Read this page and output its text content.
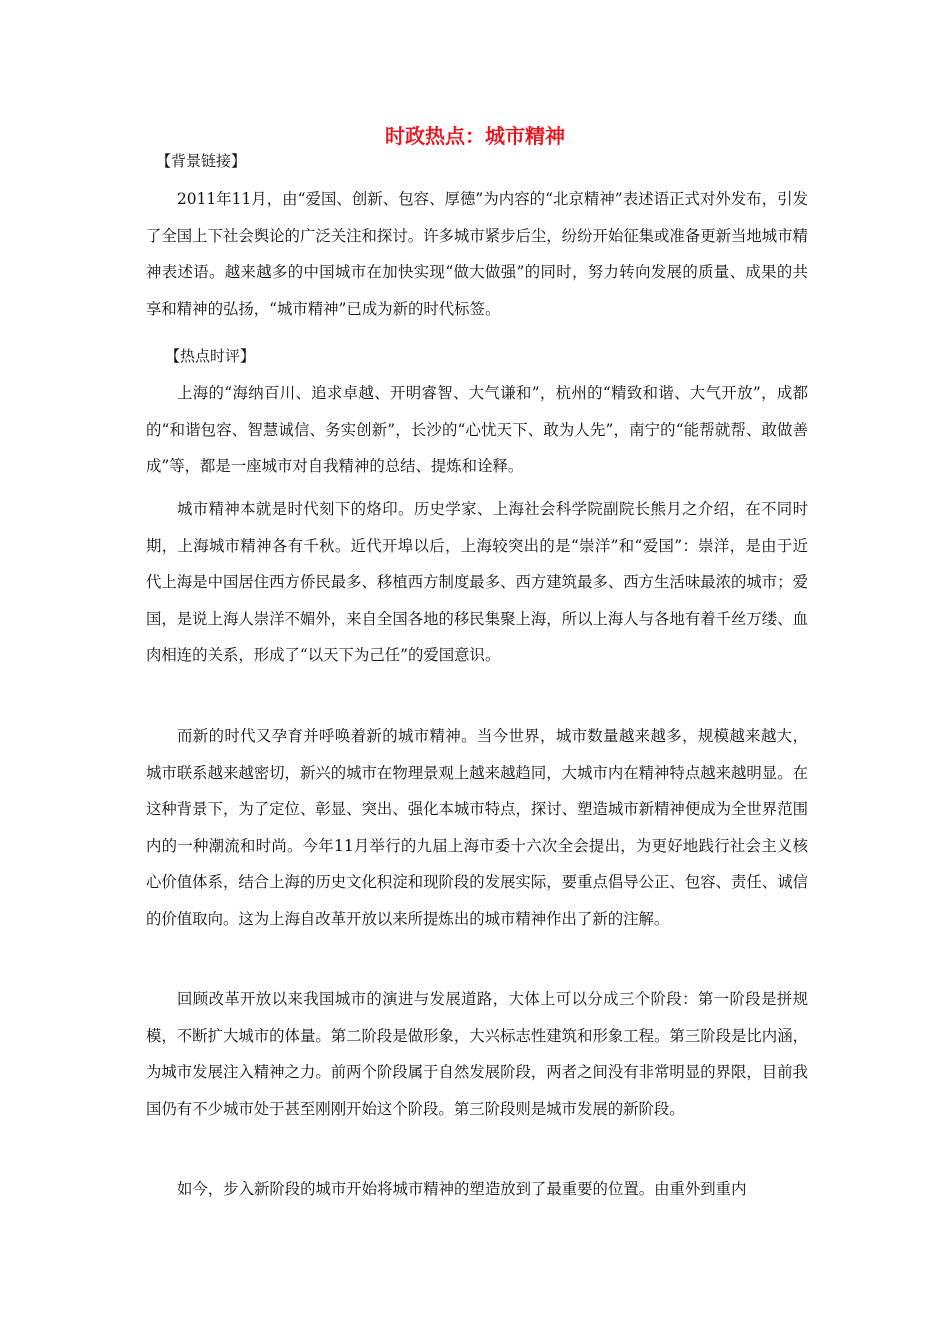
时政热点：城市精神
【背景链接】

2011年11月，由“爱国、创新、包容、厚德”为内容的“北京精神”表述语正式对外发布，引发了全国上下社会舆论的广泛关注和探讨。许多城市紧步后尘，纷纷开始征集或准备更新当地城市精神表述语。越来越多的中国城市在加快实现“做大做强”的同时，努力转向发展的质量、成果的共享和精神的弘扬，“城市精神”已成为新的时代标签。

【热点时评】

上海的“海纳百川、追求卓越、开明睿智、大气谦和”，杭州的“精致和谐、大气开放”，成都的“和谐包容、智慧诚信、务实创新”，长沙的“心忧天下、敢为人先”，南宁的“能帮就帮、敢做善成”等，都是一座城市对自我精神的总结、提炼和诠释。

城市精神本就是时代刻下的烙印。历史学家、上海社会科学院副院长熊月之介绍，在不同时期，上海城市精神各有千秋。近代开埠以后，上海较突出的是“崇洋”和“爱国”：崇洋，是由于近代上海是中国居住西方侨民最多、移植西方制度最多、西方建筑最多、西方生活味最浓的城市；爱国，是说上海人崇洋不媚外，来自全国各地的移民集聚上海，所以上海人与各地有着千丝万缕、血肉相连的关系，形成了“以天下为己任”的爱国意识。

而新的时代又孕育并呼唤着新的城市精神。当今世界，城市数量越来越多，规模越来越大，城市联系越来越密切，新兴的城市在物理景观上越来越趋同，大城市内在精神特点越来越明显。在这种背景下，为了定位、彰显、突出、强化本城市特点，探讨、塑造城市新精神便成为全世界范围内的一种潮流和时尚。今年11月举行的九届上海市委十六次全会提出，为更好地践行社会主义核心价值体系，结合上海的历史文化积淀和现阶段的发展实际，要重点倡导公正、包容、责任、诚信的价值取向。这为上海自改革开放以来所提炼出的城市精神作出了新的注解。

回顾改革开放以来我国城市的演进与发展道路，大体上可以分成三个阶段：第一阶段是拼规模，不断扩大城市的体量。第二阶段是做形象，大兴标志性建筑和形象工程。第三阶段是比内涵，为城市发展注入精神之力。前两个阶段属于自然发展阶段，两者之间没有非常明显的界限，目前我国仍有不少城市处于甚至刚刚开始这个阶段。第三阶段则是城市发展的新阶段。

如今，步入新阶段的城市开始将城市精神的塑造放到了最重要的位置。由重外到重内
